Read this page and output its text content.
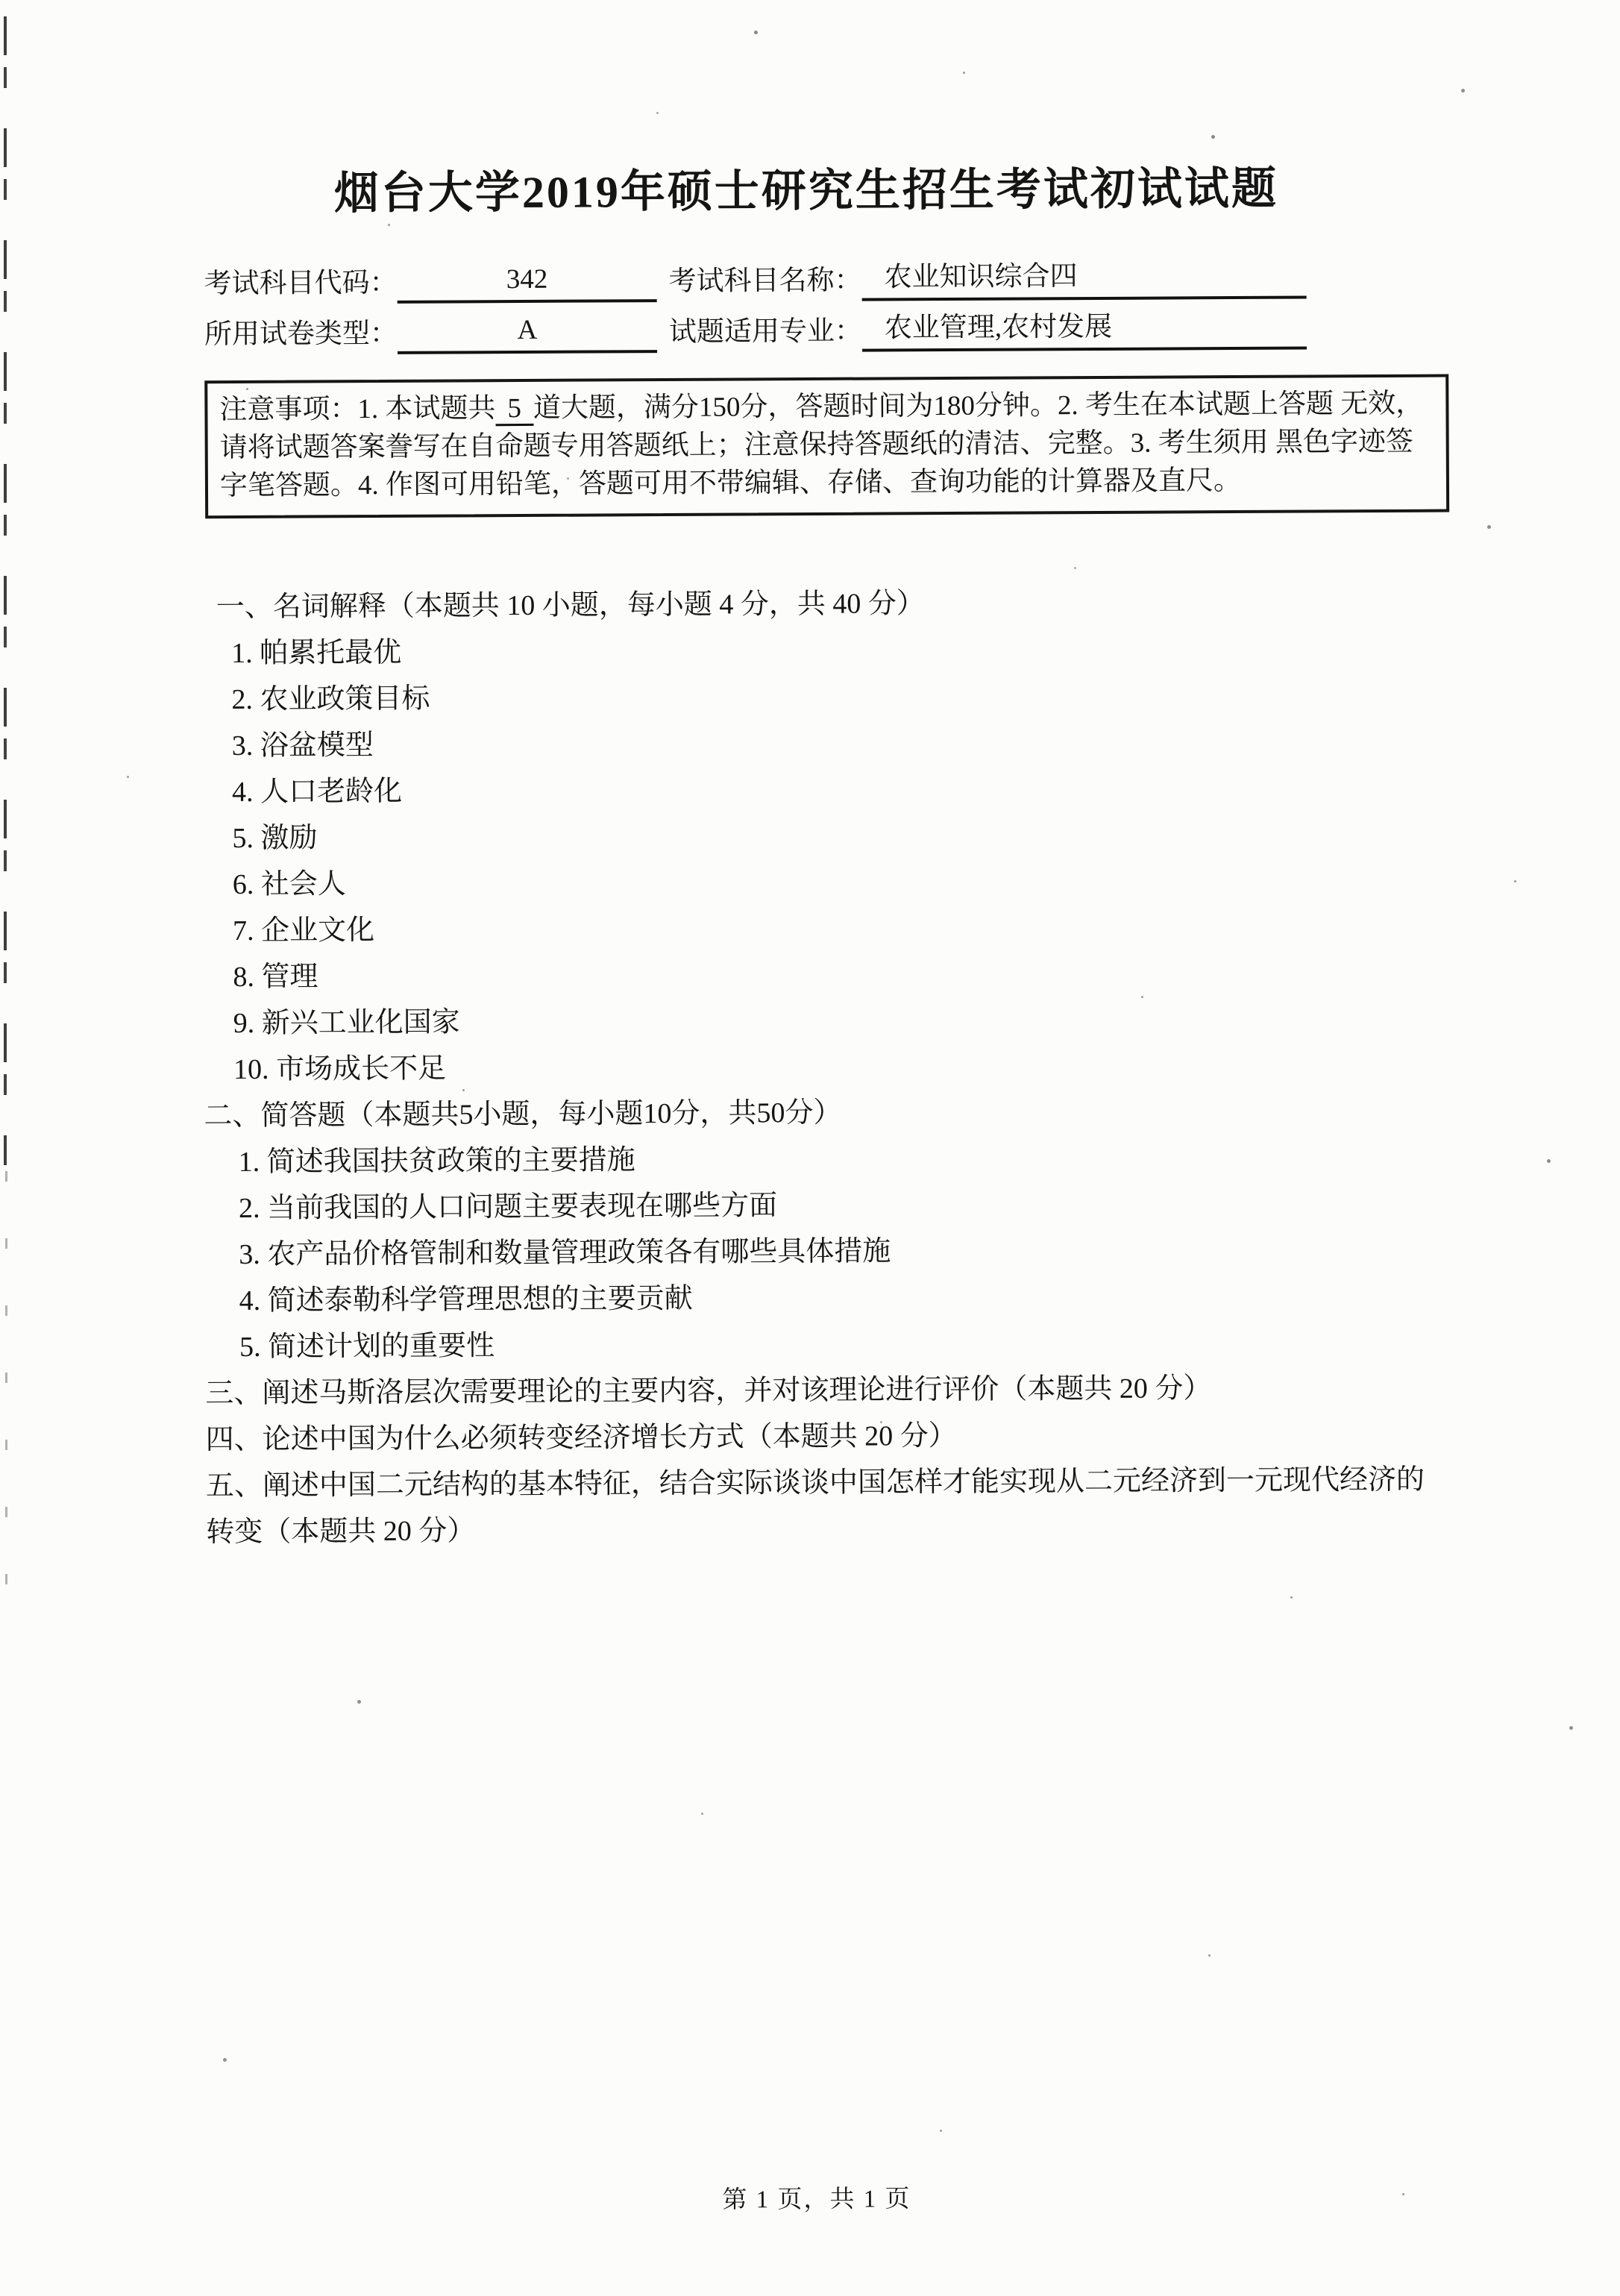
烟台大学2019年硕士研究生招生考试初试试题
考试科目代码：	342	考试科目名称： 农业知识综合四
所用试卷类型：	A	试题适用专业： 农业管理,农村发展
注意事项：1. 本试题共 5 道大题，满分150分，答题时间为180分钟。2. 考生在本试题上答题 无效，请将试题答案誊写在自命题专用答题纸上；注意保持答题纸的清洁、完整。3. 考生须用 黑色字迹签字笔答题。4. 作图可用铅笔，答题可用不带编辑、存储、查询功能的计算器及直尺。
一、名词解释（本题共 10 小题，每小题 4 分，共 40 分）
1. 帕累托最优
2. 农业政策目标
3. 浴盆模型
4. 人口老龄化
5. 激励
6. 社会人
7. 企业文化
8. 管理
9. 新兴工业化国家
10. 市场成长不足
二、简答题（本题共5小题，每小题10分，共50分）
1. 简述我国扶贫政策的主要措施
2. 当前我国的人口问题主要表现在哪些方面
3. 农产品价格管制和数量管理政策各有哪些具体措施
4. 简述泰勒科学管理思想的主要贡献
5. 简述计划的重要性
三、阐述马斯洛层次需要理论的主要内容，并对该理论进行评价（本题共 20 分）
四、论述中国为什么必须转变经济增长方式（本题共 20 分）
五、阐述中国二元结构的基本特征，结合实际谈谈中国怎样才能实现从二元经济到一元现代经济的
转变（本题共 20 分）
第 1 页，共 1 页
